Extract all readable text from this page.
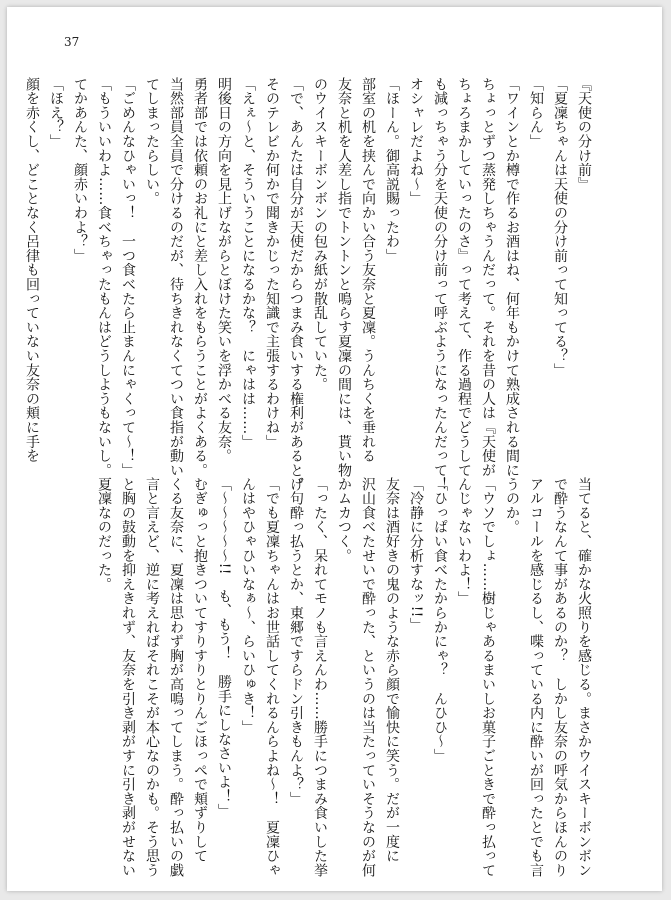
37
『天使の分け前』
「夏凜ちゃんは天使の分け前って知ってる？」
「知らん」
「ワインとか樽で作るお酒はね、何年もかけて熟成される間に
ちょっとずつ蒸発しちゃうんだって。それを昔の人は『天使が
ちょろまかしていったのさ』って考えて、作る過程でどうして
も減っちゃう分を天使の分け前って呼ぶようになったんだって！
オシャレだよね〜」
「ほーん。御高説賜ったわ」
部室の机を挟んで向かい合う友奈と夏凜。うんちくを垂れる
友奈と机を人差し指でトントンと鳴らす夏凜の間には、貰い物
のウイスキーボンボンの包み紙が散乱していた。
「で、あんたは自分が天使だからつまみ食いする権利があると。
そのテレビか何かで聞きかじった知識で主張するわけね」
「えぇ〜と、そういうことになるかな？　にゃはは……」
明後日の方向を見上げながらとぼけた笑いを浮かべる友奈。
勇者部では依頼のお礼にと差し入れをもらうことがよくある。
当然部員全員で分けるのだが、待ちきれなくてつい食指が動い
てしまったらしい。
「ごめんなひゃいっ！　一つ食べたら止まんにゃくって〜！」
「もういいわよ……食べちゃったもんはどうしようもないし。
てかあんた、顔赤いわよ？」
「ほえ？」
顔を赤くし、どことなく呂律も回っていない友奈の頬に手を
当てると、確かな火照りを感じる。まさかウイスキーボンボン
で酔うなんて事があるのか？　しかし友奈の呼気からほんのり
アルコールを感じるし、喋っている内に酔いが回ったとでも言
うのか。
「ウソでしょ……樹じゃあるまいしお菓子ごときで酔っ払って
んじゃないわよ！」
「ひっぱい食べたからかにゃ？　んひひ〜」
「冷静に分析すなッ!!」
友奈は酒好きの鬼のような赤ら顔で愉快に笑う。だが一度に
沢山食べたせいで酔った、というのは当たっていそうなのが何
かムカつく。
「ったく、呆れてモノも言えんわ……勝手につまみ食いした挙
げ句酔っ払うとか、東郷ですらドン引きもんよ？」
「でも夏凜ちゃんはお世話してくれるんらよね〜！　夏凜ひゃ
んはやひゃひいなぁ〜、らいひゅき！」
「〜〜〜〜〜!!　も、もう！　勝手にしなさいよ！」
むぎゅっと抱きついてすりすりとりんごほっぺで頬ずりして
くる友奈に、夏凜は思わず胸が高鳴ってしまう。酔っ払いの戯
言と言えど、逆に考えればそれこそが本心なのかも。そう思う
と胸の鼓動を抑えきれず、友奈を引き剥がすに引き剥がせない
夏凜なのだった。
